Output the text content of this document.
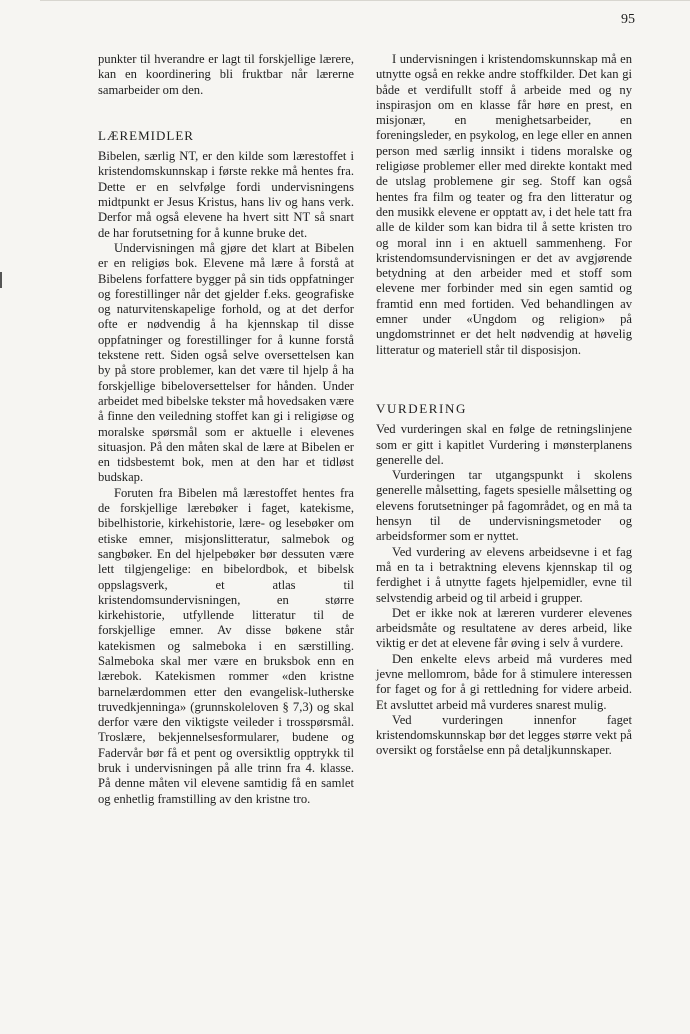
95

punkter til hverandre er lagt til forskjellige lærere, kan en koordinering bli fruktbar når lærerne samarbeider om den.

LÆREMIDLER

Bibelen, særlig NT, er den kilde som lærestoffet i kristendomskunnskap i første rekke må hentes fra. Dette er en selvfølge fordi undervisningens midtpunkt er Jesus Kristus, hans liv og hans verk. Derfor må også elevene ha hvert sitt NT så snart de har forutsetning for å kunne bruke det.

Undervisningen må gjøre det klart at Bibelen er en religiøs bok. Elevene må lære å forstå at Bibelens forfattere bygger på sin tids oppfatninger og forestillinger når det gjelder f.eks. geografiske og naturvitenskapelige forhold, og at det derfor ofte er nødvendig å ha kjennskap til disse oppfatninger og forestillinger for å kunne forstå tekstene rett. Siden også selve oversettelsen kan by på store problemer, kan det være til hjelp å ha forskjellige bibeloversettelser for hånden. Under arbeidet med bibelske tekster må hovedsaken være å finne den veiledning stoffet kan gi i religiøse og moralske spørsmål som er aktuelle i elevenes situasjon. På den måten skal de lære at Bibelen er en tidsbestemt bok, men at den har et tidløst budskap.

Foruten fra Bibelen må lærestoffet hentes fra de forskjellige lærebøker i faget, katekisme, bibelhistorie, kirkehistorie, lære- og lesebøker om etiske emner, misjonslitteratur, salmebok og sangbøker. En del hjelpebøker bør dessuten være lett tilgjengelige: en bibelordbok, et bibelsk oppslagsverk, et atlas til kristendomsundervisningen, en større kirkehistorie, utfyllende litteratur til de forskjellige emner. Av disse bøkene står katekismen og salmeboka i en særstilling. Salmeboka skal mer være en bruksbok enn en lærebok. Katekismen rommer «den kristne barnelærdommen etter den evangelisk-lutherske truvedkjenninga» (grunnskoleloven § 7,3) og skal derfor være den viktigste veileder i trosspørsmål. Troslære, bekjennelsesformularer, budene og Fadervår bør få et pent og oversiktlig opptrykk til bruk i undervisningen på alle trinn fra 4. klasse. På denne måten vil elevene samtidig få en samlet og enhetlig framstilling av den kristne tro.

I undervisningen i kristendomskunnskap må en utnytte også en rekke andre stoffkilder. Det kan gi både et verdifullt stoff å arbeide med og ny inspirasjon om en klasse får høre en prest, en misjonær, en menighetsarbeider, en foreningsleder, en psykolog, en lege eller en annen person med særlig innsikt i tidens moralske og religiøse problemer eller med direkte kontakt med de utslag problemene gir seg. Stoff kan også hentes fra film og teater og fra den litteratur og den musikk elevene er opptatt av, i det hele tatt fra alle de kilder som kan bidra til å sette kristen tro og moral inn i en aktuell sammenheng. For kristendomsundervisningen er det av avgjørende betydning at den arbeider med et stoff som elevene mer forbinder med sin egen samtid og framtid enn med fortiden. Ved behandlingen av emner under «Ungdom og religion» på ungdomstrinnet er det helt nødvendig at høvelig litteratur og materiell står til disposisjon.

VURDERING

Ved vurderingen skal en følge de retningslinjene som er gitt i kapitlet Vurdering i mønsterplanens generelle del.

Vurderingen tar utgangspunkt i skolens generelle målsetting, fagets spesielle målsetting og elevens forutsetninger på fagområdet, og en må ta hensyn til de undervisningsmetoder og arbeidsformer som er nyttet.

Ved vurdering av elevens arbeidsevne i et fag må en ta i betraktning elevens kjennskap til og ferdighet i å utnytte fagets hjelpemidler, evne til selvstendig arbeid og til arbeid i grupper.

Det er ikke nok at læreren vurderer elevenes arbeidsmåte og resultatene av deres arbeid, like viktig er det at elevene får øving i selv å vurdere.

Den enkelte elevs arbeid må vurderes med jevne mellomrom, både for å stimulere interessen for faget og for å gi rettledning for videre arbeid. Et avsluttet arbeid må vurderes snarest mulig.

Ved vurderingen innenfor faget kristendomskunnskap bør det legges større vekt på oversikt og forståelse enn på detaljkunnskaper.
